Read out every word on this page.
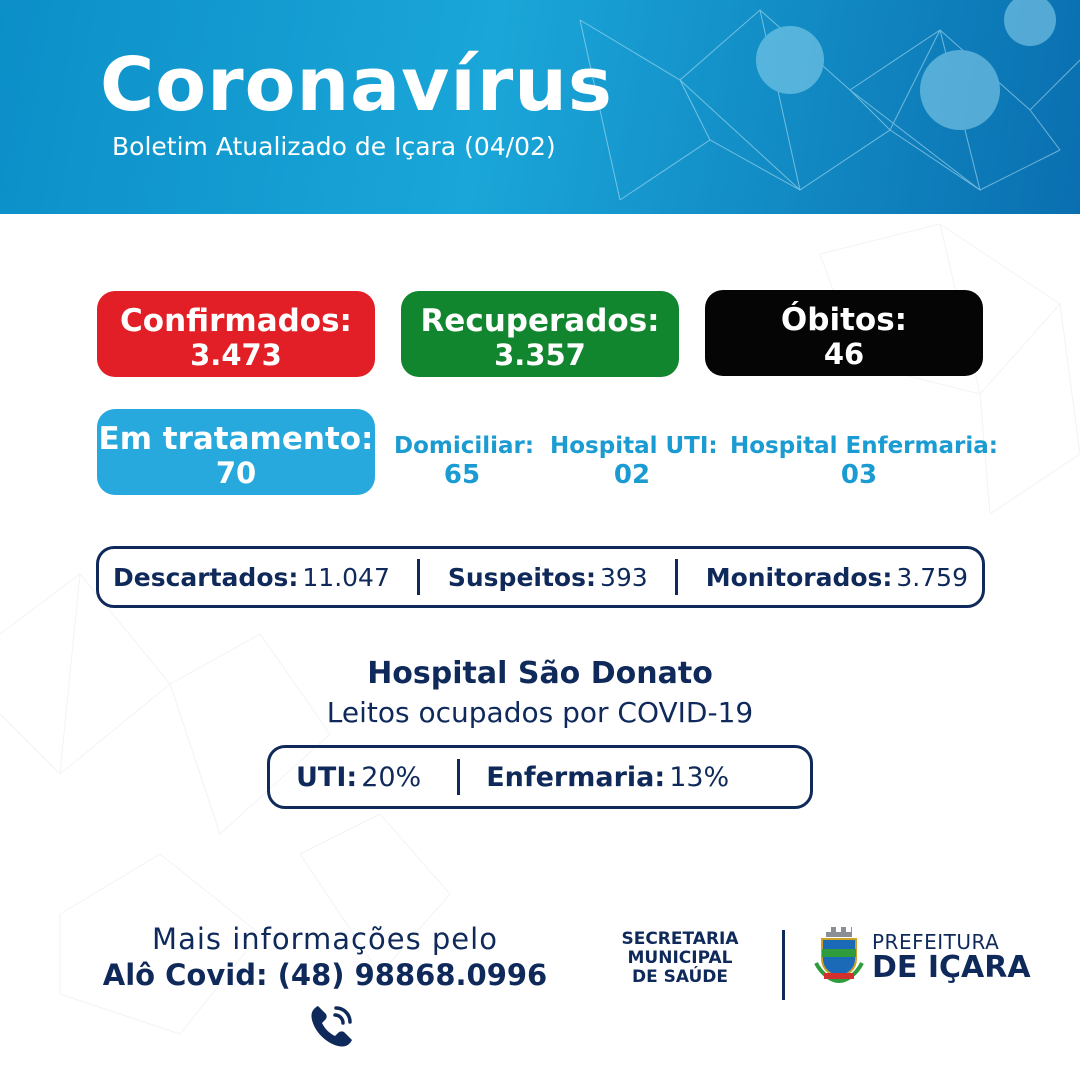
Coronavírus
Boletim Atualizado de Içara (04/02)
Confirmados:
3.473
Recuperados:
3.357
Óbitos:
46
Em tratamento:
70
Domiciliar:
65
Hospital UTI:
02
Hospital Enfermaria:
03
Descartados: 11.047 Suspeitos: 393 Monitorados: 3.759
Hospital São Donato
Leitos ocupados por COVID-19
UTI: 20% Enfermaria: 13%
Mais informações pelo
Alô Covid: (48) 98868.0996
SECRETARIA
MUNICIPAL
DE SAÚDE
PREFEITURA
DE IÇARA
